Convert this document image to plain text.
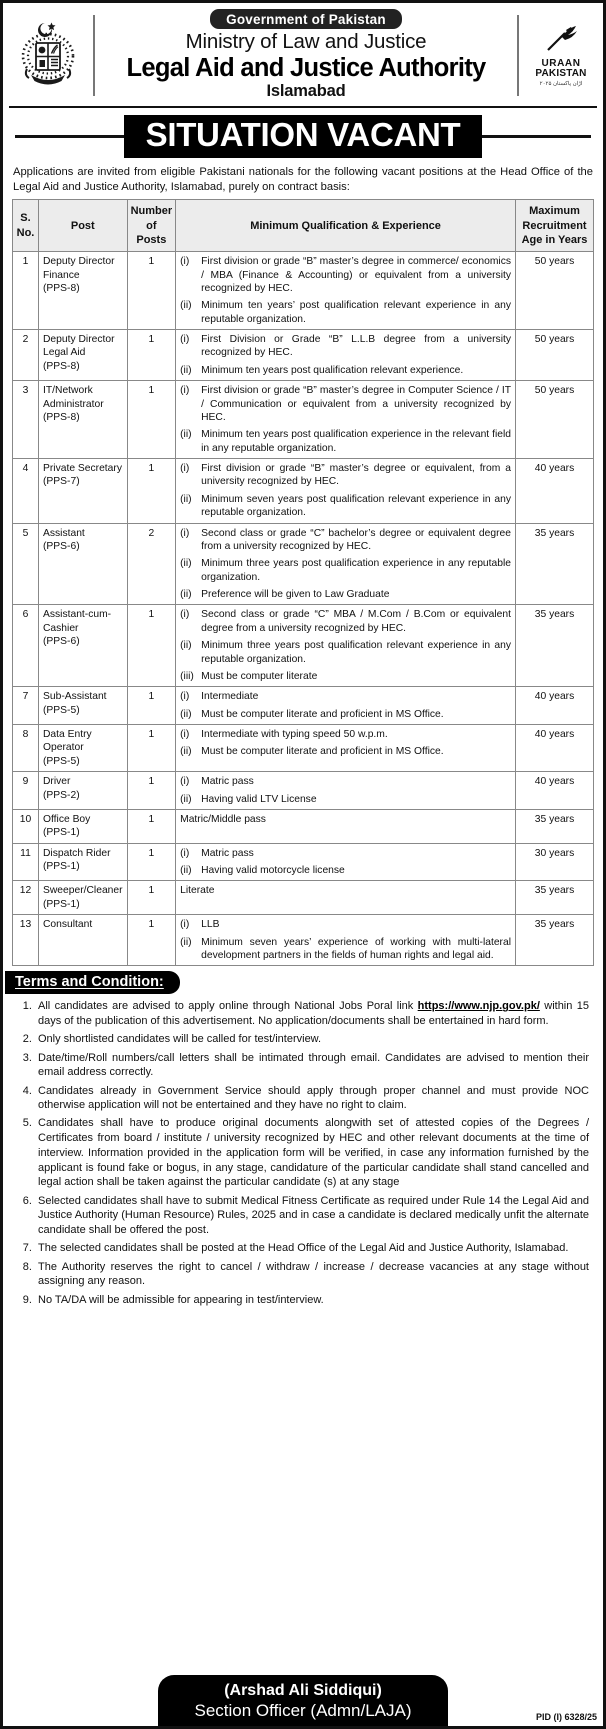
Government of Pakistan
Ministry of Law and Justice
Legal Aid and Justice Authority
Islamabad
URAAN
PAKISTAN
اڑان پاکستان ۲۰۲۵
SITUATION VACANT
Applications are invited from eligible Pakistani nationals for the following vacant positions at the Head Office of the Legal Aid and Justice Authority, Islamabad, purely on contract basis:
S. No.	Post	Number of Posts	Minimum Qualification & Experience	Maximum Recruitment Age in Years
1	Deputy Director Finance
(PPS-8)
	1	(i)	First division or grade “B” master’s degree in commerce/ economics / MBA (Finance & Accounting) or equivalent from a university recognized by HEC.
(ii) Minimum ten years’ post qualification relevant experience in any reputable organization.
	50 years
2	Deputy Director Legal Aid
(PPS-8)
	1	(i)	First Division or Grade “B” L.L.B degree from a university recognized by HEC.
(ii) Minimum ten years post qualification relevant experience.
	50 years
3	IT/Network Administrator
(PPS-8)
	1	(i)	First division or grade “B” master’s degree in Computer Science / IT / Communication or equivalent from a university recognized by HEC.
(ii) Minimum ten years post qualification experience in the relevant field in any reputable organization.
	50 years
4	Private Secretary
(PPS-7)
	1	(i)	First division or grade “B” master’s degree or equivalent, from a university recognized by HEC.
(ii) Minimum seven years post qualification relevant experience in any reputable organization.
	40 years
5	Assistant
(PPS-6)
	2	(i)	Second class or grade “C” bachelor’s degree or equivalent degree from a university recognized by HEC.
(ii) Minimum three years post qualification experience in any reputable organization.
(ii) Preference will be given to Law Graduate
	35 years
6	Assistant-cum-Cashier
(PPS-6)
	1	(i)	Second class or grade “C” MBA / M.Com / B.Com or equivalent degree from a university recognized by HEC.
(ii) Minimum three years post qualification relevant experience in any reputable organization.
(iii) Must be computer literate
	35 years
7	Sub-Assistant
(PPS-5)
	1	(i)	Intermediate
(ii) Must be computer literate and proficient in MS Office.
	40 years
8	Data Entry Operator
(PPS-5)
	1	(i)	Intermediate with typing speed 50 w.p.m.
(ii) Must be computer literate and proficient in MS Office.
	40 years
9	Driver
(PPS-2)
	1	(i)	Matric pass
(ii) Having valid LTV License
	40 years
10	Office Boy
(PPS-1)	1	Matric/Middle pass	35 years
11	Dispatch Rider
(PPS-1)
	1	(i)	Matric pass
(ii) Having valid motorcycle license
	30 years
12	Sweeper/Cleaner
(PPS-1)	1	Literate	35 years
13	Consultant	1	(i) LLB
(ii) Minimum seven years’ experience of working with multi-lateral development partners in the fields of human rights and legal aid.	35 years
Terms and Condition:
1. All candidates are advised to apply online through National Jobs Poral link https://www.njp.gov.pk/ within 15 days of the publication of this advertisement. No application/documents shall be entertained in hard form.
2. Only shortlisted candidates will be called for test/interview.
3. Date/time/Roll numbers/call letters shall be intimated through email. Candidates are advised to mention their email address correctly.
4. Candidates already in Government Service should apply through proper channel and must provide NOC otherwise application will not be entertained and they have no right to claim.
5. Candidates shall have to produce original documents alongwith set of attested copies of the Degrees / Certificates from board / institute / university recognized by HEC and other relevant documents at the time of interview. Information provided in the application form will be verified, in case any information furnished by the applicant is found fake or bogus, in any stage, candidature of the particular candidate shall stand cancelled and legal action shall be taken against the particular candidate (s) at any stage
6. Selected candidates shall have to submit Medical Fitness Certificate as required under Rule 14 the Legal Aid and Justice Authority (Human Resource) Rules, 2025 and in case a candidate is declared medically unfit the alternate candidate shall be offered the post.
7. The selected candidates shall be posted at the Head Office of the Legal Aid and Justice Authority, Islamabad.
8. The Authority reserves the right to cancel / withdraw / increase / decrease vacancies at any stage without assigning any reason.
9. No TA/DA will be admissible for appearing in test/interview.
(Arshad Ali Siddiqui)
Section Officer (Admn/LAJA)	PID (I) 6328/25
